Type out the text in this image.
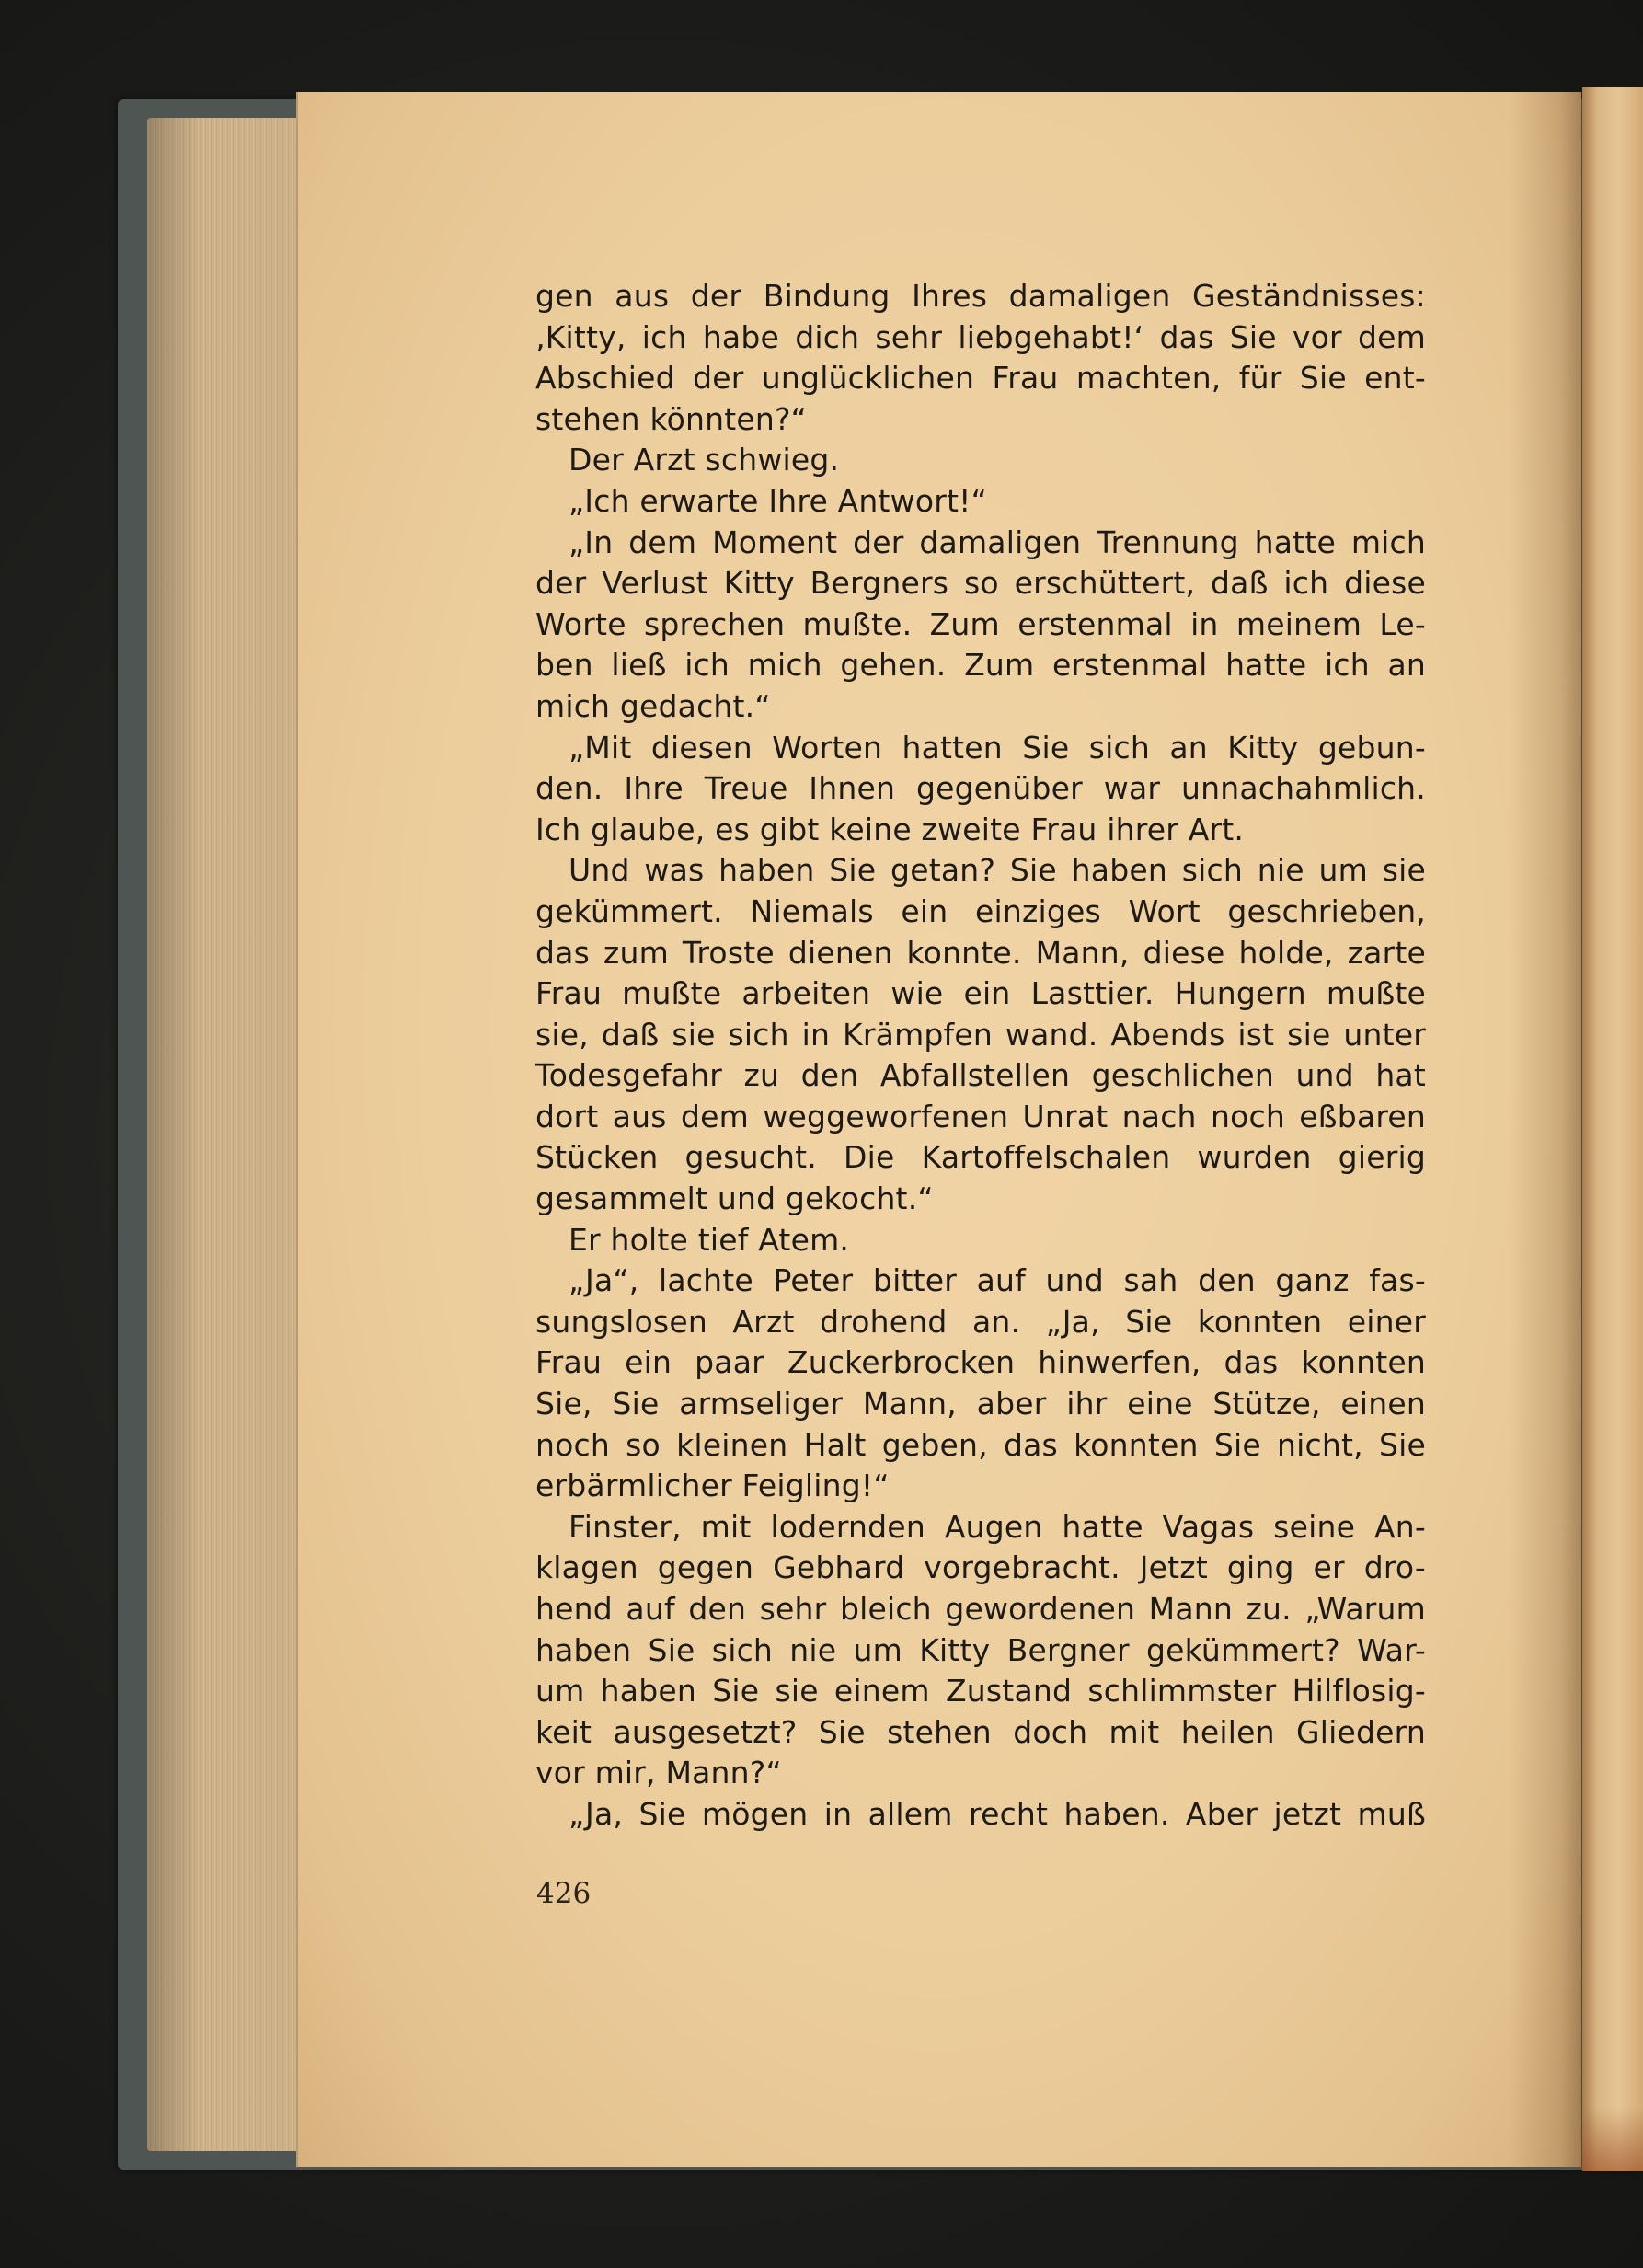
gen aus der Bindung Ihres damaligen Geständnisses:
‚Kitty, ich habe dich sehr liebgehabt!‘ das Sie vor dem
Abschied der unglücklichen Frau machten, für Sie ent-
stehen könnten?“
Der Arzt schwieg.
„Ich erwarte Ihre Antwort!“
„In dem Moment der damaligen Trennung hatte mich
der Verlust Kitty Bergners so erschüttert, daß ich diese
Worte sprechen mußte. Zum erstenmal in meinem Le-
ben ließ ich mich gehen. Zum erstenmal hatte ich an
mich gedacht.“
„Mit diesen Worten hatten Sie sich an Kitty gebun-
den. Ihre Treue Ihnen gegenüber war unnachahmlich.
Ich glaube, es gibt keine zweite Frau ihrer Art.
Und was haben Sie getan? Sie haben sich nie um sie
gekümmert. Niemals ein einziges Wort geschrieben,
das zum Troste dienen konnte. Mann, diese holde, zarte
Frau mußte arbeiten wie ein Lasttier. Hungern mußte
sie, daß sie sich in Krämpfen wand. Abends ist sie unter
Todesgefahr zu den Abfallstellen geschlichen und hat
dort aus dem weggeworfenen Unrat nach noch eßbaren
Stücken gesucht. Die Kartoffelschalen wurden gierig
gesammelt und gekocht.“
Er holte tief Atem.
„Ja“, lachte Peter bitter auf und sah den ganz fas-
sungslosen Arzt drohend an. „Ja, Sie konnten einer
Frau ein paar Zuckerbrocken hinwerfen, das konnten
Sie, Sie armseliger Mann, aber ihr eine Stütze, einen
noch so kleinen Halt geben, das konnten Sie nicht, Sie
erbärmlicher Feigling!“
Finster, mit lodernden Augen hatte Vagas seine An-
klagen gegen Gebhard vorgebracht. Jetzt ging er dro-
hend auf den sehr bleich gewordenen Mann zu. „Warum
haben Sie sich nie um Kitty Bergner gekümmert? War-
um haben Sie sie einem Zustand schlimmster Hilflosig-
keit ausgesetzt? Sie stehen doch mit heilen Gliedern
vor mir, Mann?“
„Ja, Sie mögen in allem recht haben. Aber jetzt muß
426
